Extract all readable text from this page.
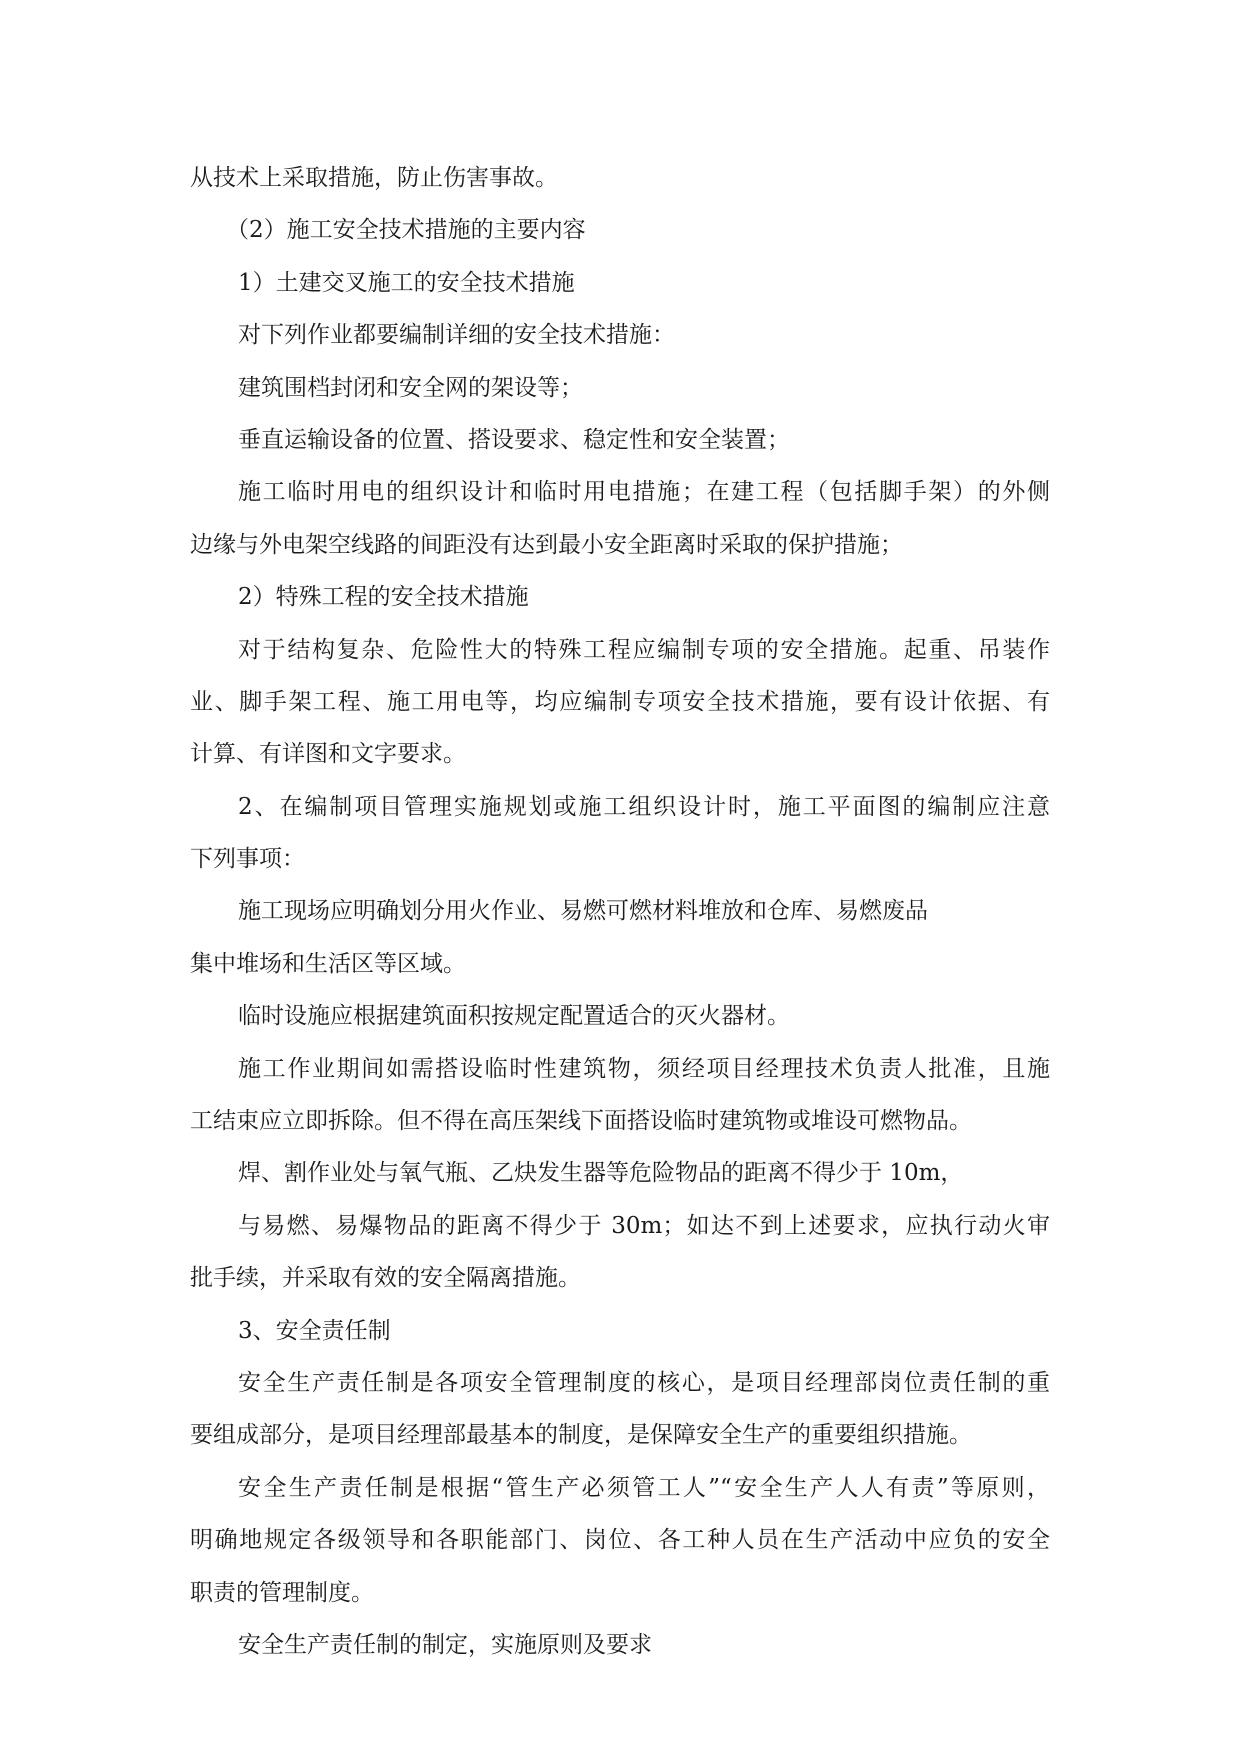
从技术上采取措施，防止伤害事故。

（2）施工安全技术措施的主要内容

1）土建交叉施工的安全技术措施

对下列作业都要编制详细的安全技术措施：

建筑围档封闭和安全网的架设等；

垂直运输设备的位置、搭设要求、稳定性和安全装置；

施工临时用电的组织设计和临时用电措施；在建工程（包括脚手架）的外侧

边缘与外电架空线路的间距没有达到最小安全距离时采取的保护措施；

2）特殊工程的安全技术措施

对于结构复杂、危险性大的特殊工程应编制专项的安全措施。起重、吊装作

业、脚手架工程、施工用电等，均应编制专项安全技术措施，要有设计依据、有

计算、有详图和文字要求。

2、在编制项目管理实施规划或施工组织设计时，施工平面图的编制应注意

下列事项：

施工现场应明确划分用火作业、易燃可燃材料堆放和仓库、易燃废品

集中堆场和生活区等区域。

临时设施应根据建筑面积按规定配置适合的灭火器材。

施工作业期间如需搭设临时性建筑物，须经项目经理技术负责人批准，且施

工结束应立即拆除。但不得在高压架线下面搭设临时建筑物或堆设可燃物品。

焊、割作业处与氧气瓶、乙炔发生器等危险物品的距离不得少于 10m，

与易燃、易爆物品的距离不得少于 30m；如达不到上述要求，应执行动火审

批手续，并采取有效的安全隔离措施。

3、安全责任制

安全生产责任制是各项安全管理制度的核心，是项目经理部岗位责任制的重

要组成部分，是项目经理部最基本的制度，是保障安全生产的重要组织措施。

安全生产责任制是根据“管生产必须管工人”“安全生产人人有责”等原则，

明确地规定各级领导和各职能部门、岗位、各工种人员在生产活动中应负的安全

职责的管理制度。

安全生产责任制的制定，实施原则及要求
